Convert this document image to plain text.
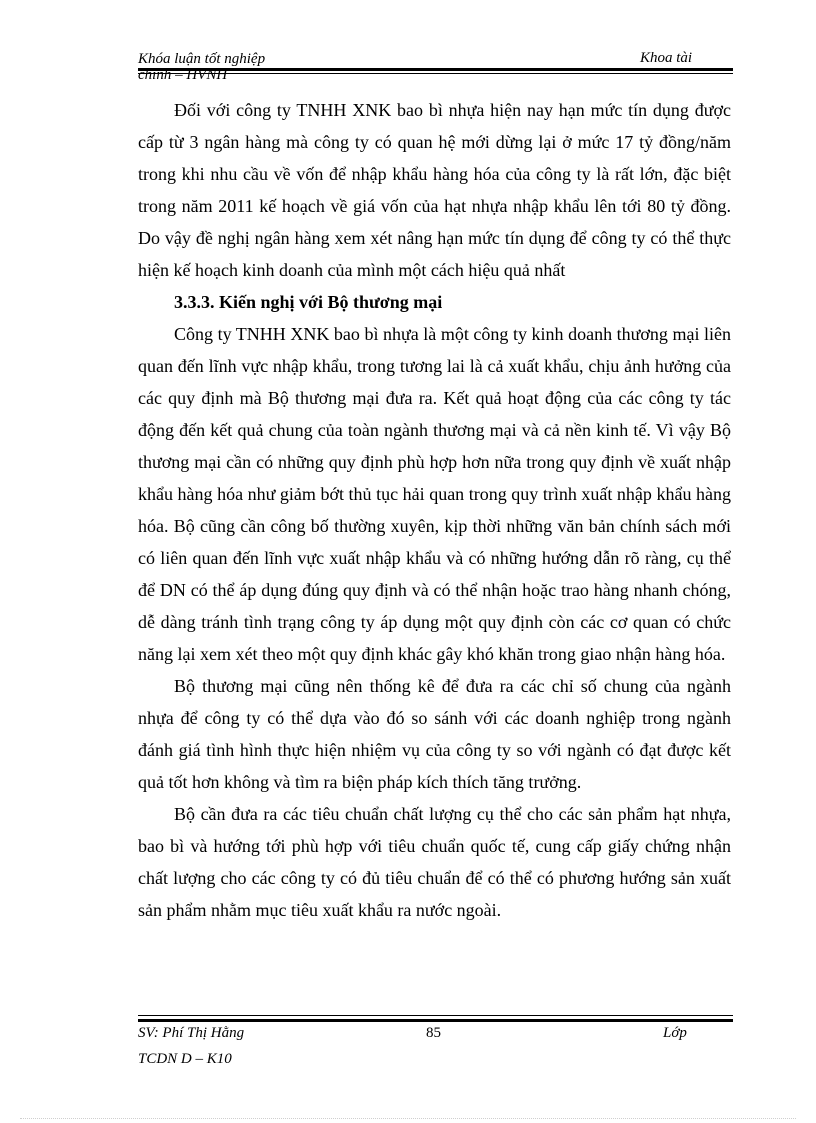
Khóa luận tốt nghiệp	Khoa tài
chính – HVNH

Đối với công ty TNHH XNK bao bì nhựa hiện nay hạn mức tín dụng được cấp từ 3 ngân hàng mà công ty có quan hệ mới dừng lại ở mức 17 tỷ đồng/năm trong khi nhu cầu về vốn để nhập khẩu hàng hóa của công ty là rất lớn, đặc biệt trong năm 2011 kế hoạch về giá vốn của hạt nhựa nhập khẩu lên tới 80 tỷ đồng. Do vậy đề nghị ngân hàng xem xét nâng hạn mức tín dụng để công ty có thể thực hiện kế hoạch kinh doanh của mình một cách hiệu quả nhất

3.3.3. Kiến nghị với Bộ thương mại

Công ty TNHH XNK bao bì nhựa là một công ty kinh doanh thương mại liên quan đến lĩnh vực nhập khẩu, trong tương lai là cả xuất khẩu, chịu ảnh hưởng của các quy định mà Bộ thương mại đưa ra. Kết quả hoạt động của các công ty tác động đến kết quả chung của toàn ngành thương mại và cả nền kinh tế. Vì vậy Bộ thương mại cần có những quy định phù hợp hơn nữa trong quy định về xuất nhập khẩu hàng hóa như giảm bớt thủ tục hải quan trong quy trình xuất nhập khẩu hàng hóa. Bộ cũng cần công bố thường xuyên, kịp thời những văn bản chính sách mới có liên quan đến lĩnh vực xuất nhập khẩu và có những hướng dẫn rõ ràng, cụ thể để DN có thể áp dụng đúng quy định và có thể nhận hoặc trao hàng nhanh chóng, dễ dàng tránh tình trạng công ty áp dụng một quy định còn các cơ quan có chức năng lại xem xét theo một quy định khác gây khó khăn trong giao nhận hàng hóa.

Bộ thương mại cũng nên thống kê để đưa ra các chỉ số chung của ngành nhựa để công ty có thể dựa vào đó so sánh với các doanh nghiệp trong ngành đánh giá tình hình thực hiện nhiệm vụ của công ty so với ngành có đạt được kết quả tốt hơn không và tìm ra biện pháp kích thích tăng trưởng.

Bộ cần đưa ra các tiêu chuẩn chất lượng cụ thể cho các sản phẩm hạt nhựa, bao bì và hướng tới phù hợp với tiêu chuẩn quốc tế, cung cấp giấy chứng nhận chất lượng cho các công ty có đủ tiêu chuẩn để có thể có phương hướng sản xuất sản phẩm nhằm mục tiêu xuất khẩu ra nước ngoài.

SV: Phí Thị Hằng	85	Lớp
TCDN D – K10
